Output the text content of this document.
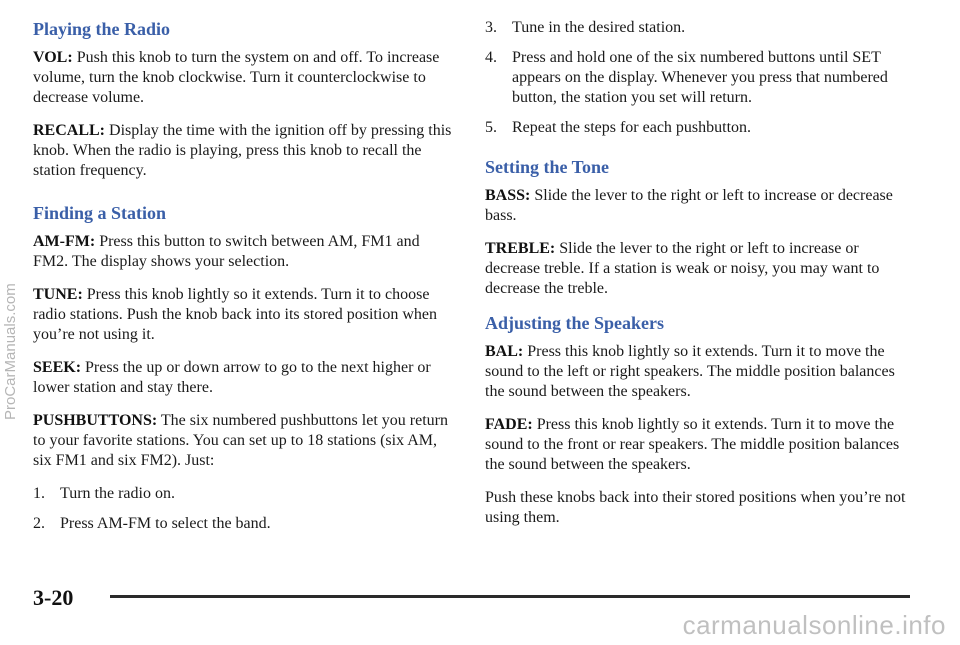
Playing the Radio

VOL: Push this knob to turn the system on and off. To increase volume, turn the knob clockwise. Turn it counterclockwise to decrease volume.

RECALL: Display the time with the ignition off by pressing this knob. When the radio is playing, press this knob to recall the station frequency.

Finding a Station

AM-FM: Press this button to switch between AM, FM1 and FM2. The display shows your selection.

TUNE: Press this knob lightly so it extends. Turn it to choose radio stations. Push the knob back into its stored position when you’re not using it.

SEEK: Press the up or down arrow to go to the next higher or lower station and stay there.

PUSHBUTTONS: The six numbered pushbuttons let you return to your favorite stations. You can set up to 18 stations (six AM, six FM1 and six FM2). Just:

1. Turn the radio on.
2. Press AM-FM to select the band.
3. Tune in the desired station.
4. Press and hold one of the six numbered buttons until SET appears on the display. Whenever you press that numbered button, the station you set will return.
5. Repeat the steps for each pushbutton.
Setting the Tone

BASS: Slide the lever to the right or left to increase or decrease bass.

TREBLE: Slide the lever to the right or left to increase or decrease treble. If a station is weak or noisy, you may want to decrease the treble.

Adjusting the Speakers

BAL: Press this knob lightly so it extends. Turn it to move the sound to the left or right speakers. The middle position balances the sound between the speakers.

FADE: Press this knob lightly so it extends. Turn it to move the sound to the front or rear speakers. The middle position balances the sound between the speakers.

Push these knobs back into their stored positions when you’re not using them.

3-20
ProCarManuals.com
carmanualsonline.info
